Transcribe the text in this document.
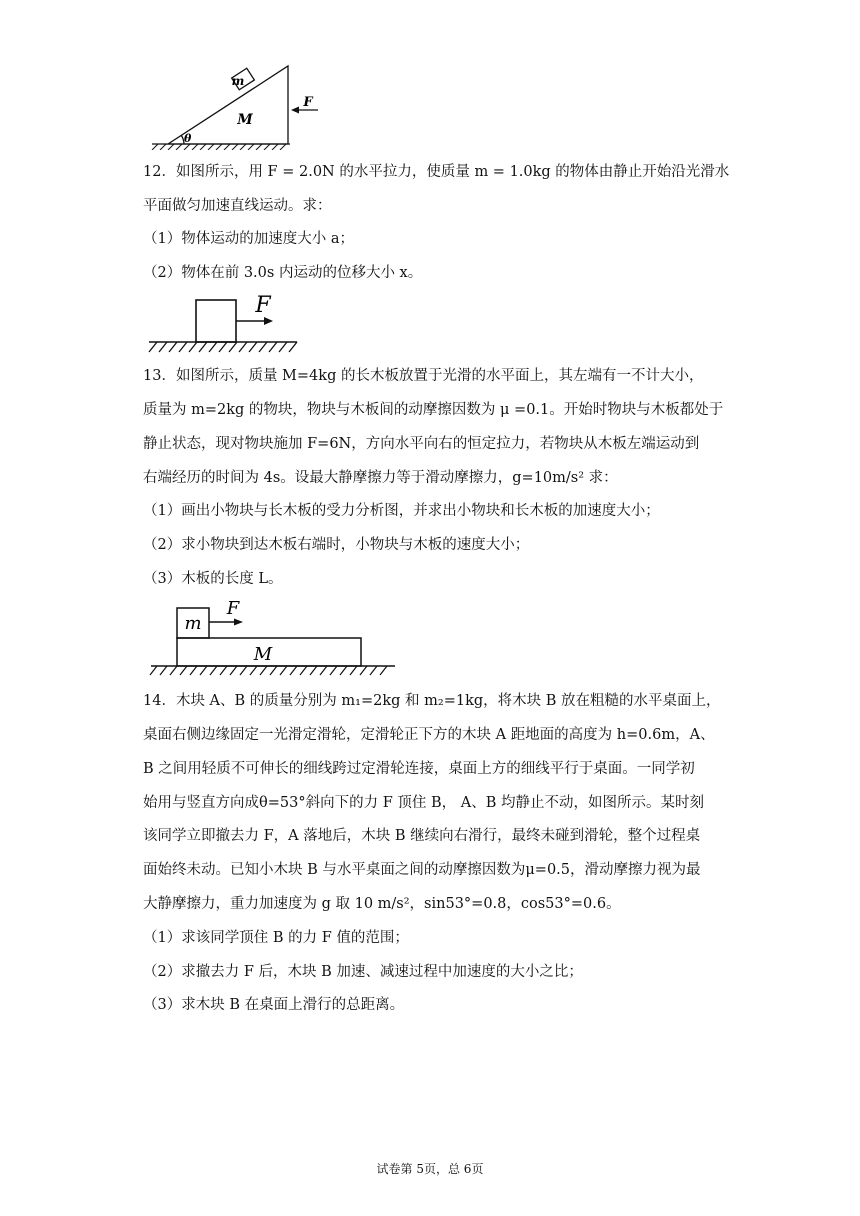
m
M
F
θ
12．如图所示，用 F = 2.0N 的水平拉力，使质量 m = 1.0kg 的物体由静止开始沿光滑水
平面做匀加速直线运动。求：
（1）物体运动的加速度大小 a；
（2）物体在前 3.0s 内运动的位移大小 x。
F
13．如图所示，质量 M=4kg 的长木板放置于光滑的水平面上，其左端有一不计大小，
质量为 m=2kg 的物块，物块与木板间的动摩擦因数为 μ =0.1。开始时物块与木板都处于
静止状态，现对物块施加 F=6N，方向水平向右的恒定拉力，若物块从木板左端运动到
右端经历的时间为 4s。设最大静摩擦力等于滑动摩擦力，g=10m/s² 求：
（1）画出小物块与长木板的受力分析图，并求出小物块和长木板的加速度大小；
（2）求小物块到达木板右端时，小物块与木板的速度大小；
（3）木板的长度 L。
m
M
F
14．木块 A、B 的质量分别为 m₁=2kg 和 m₂=1kg，将木块 B 放在粗糙的水平桌面上，
桌面右侧边缘固定一光滑定滑轮，定滑轮正下方的木块 A 距地面的高度为 h=0.6m，A、
B 之间用轻质不可伸长的细线跨过定滑轮连接，桌面上方的细线平行于桌面。一同学初
始用与竖直方向成θ=53°斜向下的力 F 顶住 B， A、B 均静止不动，如图所示。某时刻
该同学立即撤去力 F，A 落地后，木块 B 继续向右滑行，最终未碰到滑轮，整个过程桌
面始终未动。已知小木块 B 与水平桌面之间的动摩擦因数为μ=0.5，滑动摩擦力视为最
大静摩擦力，重力加速度为 g 取 10 m/s²，sin53°=0.8，cos53°=0.6。
（1）求该同学顶住 B 的力 F 值的范围；
（2）求撤去力 F 后，木块 B 加速、减速过程中加速度的大小之比；
（3）求木块 B 在桌面上滑行的总距离。
试卷第 5页，总 6页
